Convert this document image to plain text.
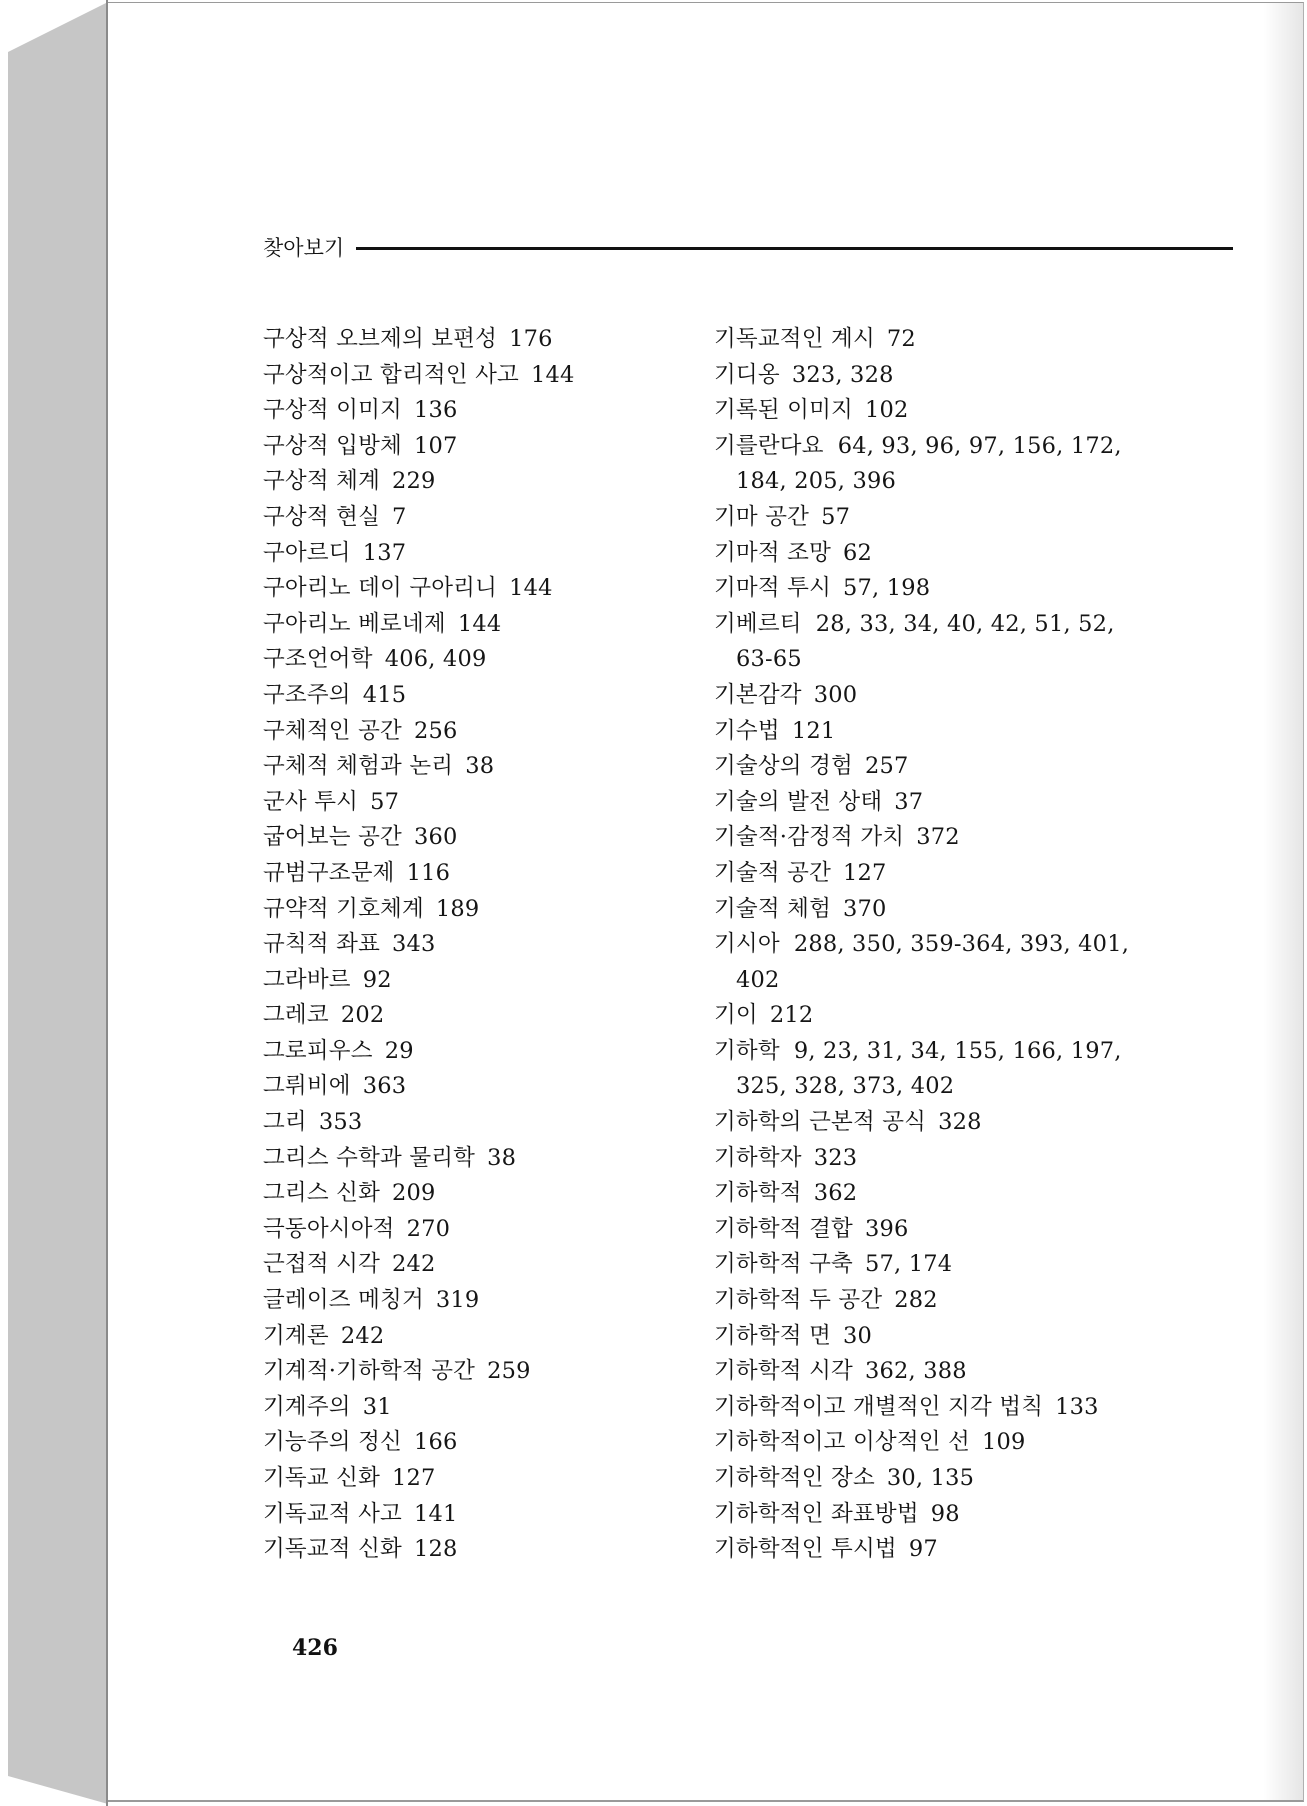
찾아보기
구상적 오브제의 보편성 176
구상적이고 합리적인 사고 144
구상적 이미지 136
구상적 입방체 107
구상적 체계 229
구상적 현실 7
구아르디 137
구아리노 데이 구아리니 144
구아리노 베로네제 144
구조언어학 406, 409
구조주의 415
구체적인 공간 256
구체적 체험과 논리 38
군사 투시 57
굽어보는 공간 360
규범구조문제 116
규약적 기호체계 189
규칙적 좌표 343
그라바르 92
그레코 202
그로피우스 29
그뤼비에 363
그리 353
그리스 수학과 물리학 38
그리스 신화 209
극동아시아적 270
근접적 시각 242
글레이즈 메칭거 319
기계론 242
기계적·기하학적 공간 259
기계주의 31
기능주의 정신 166
기독교 신화 127
기독교적 사고 141
기독교적 신화 128
기독교적인 계시 72
기디옹 323, 328
기록된 이미지 102
기를란다요 64, 93, 96, 97, 156, 172,
184, 205, 396
기마 공간 57
기마적 조망 62
기마적 투시 57, 198
기베르티 28, 33, 34, 40, 42, 51, 52,
63-65
기본감각 300
기수법 121
기술상의 경험 257
기술의 발전 상태 37
기술적·감정적 가치 372
기술적 공간 127
기술적 체험 370
기시아 288, 350, 359-364, 393, 401,
402
기이 212
기하학 9, 23, 31, 34, 155, 166, 197,
325, 328, 373, 402
기하학의 근본적 공식 328
기하학자 323
기하학적 362
기하학적 결합 396
기하학적 구축 57, 174
기하학적 두 공간 282
기하학적 면 30
기하학적 시각 362, 388
기하학적이고 개별적인 지각 법칙 133
기하학적이고 이상적인 선 109
기하학적인 장소 30, 135
기하학적인 좌표방법 98
기하학적인 투시법 97
426
